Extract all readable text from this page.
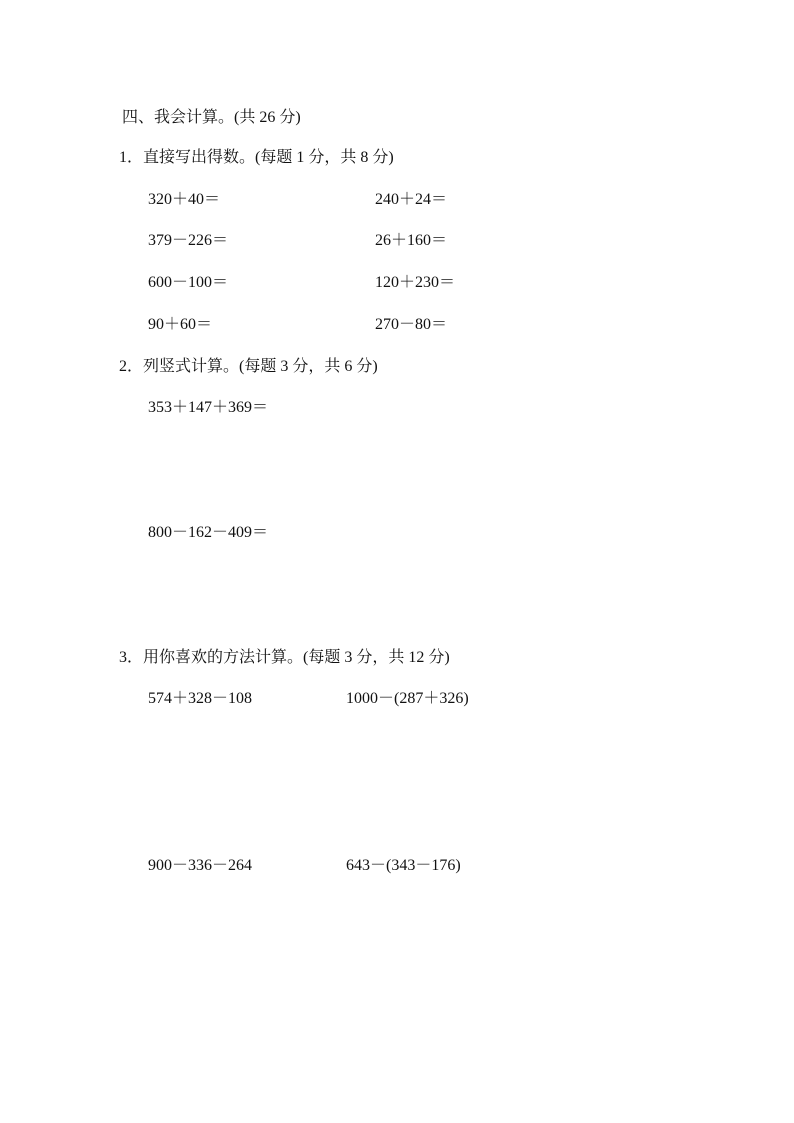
四、我会计算。(共 26 分)
1．直接写出得数。(每题 1 分，共 8 分)
320＋40＝	240＋24＝
379－226＝	26＋160＝
600－100＝	120＋230＝
90＋60＝	270－80＝
2．列竖式计算。(每题 3 分，共 6 分)
353＋147＋369＝
800－162－409＝
3．用你喜欢的方法计算。(每题 3 分，共 12 分)
574＋328－108	1000－(287＋326)
900－336－264	643－(343－176)
